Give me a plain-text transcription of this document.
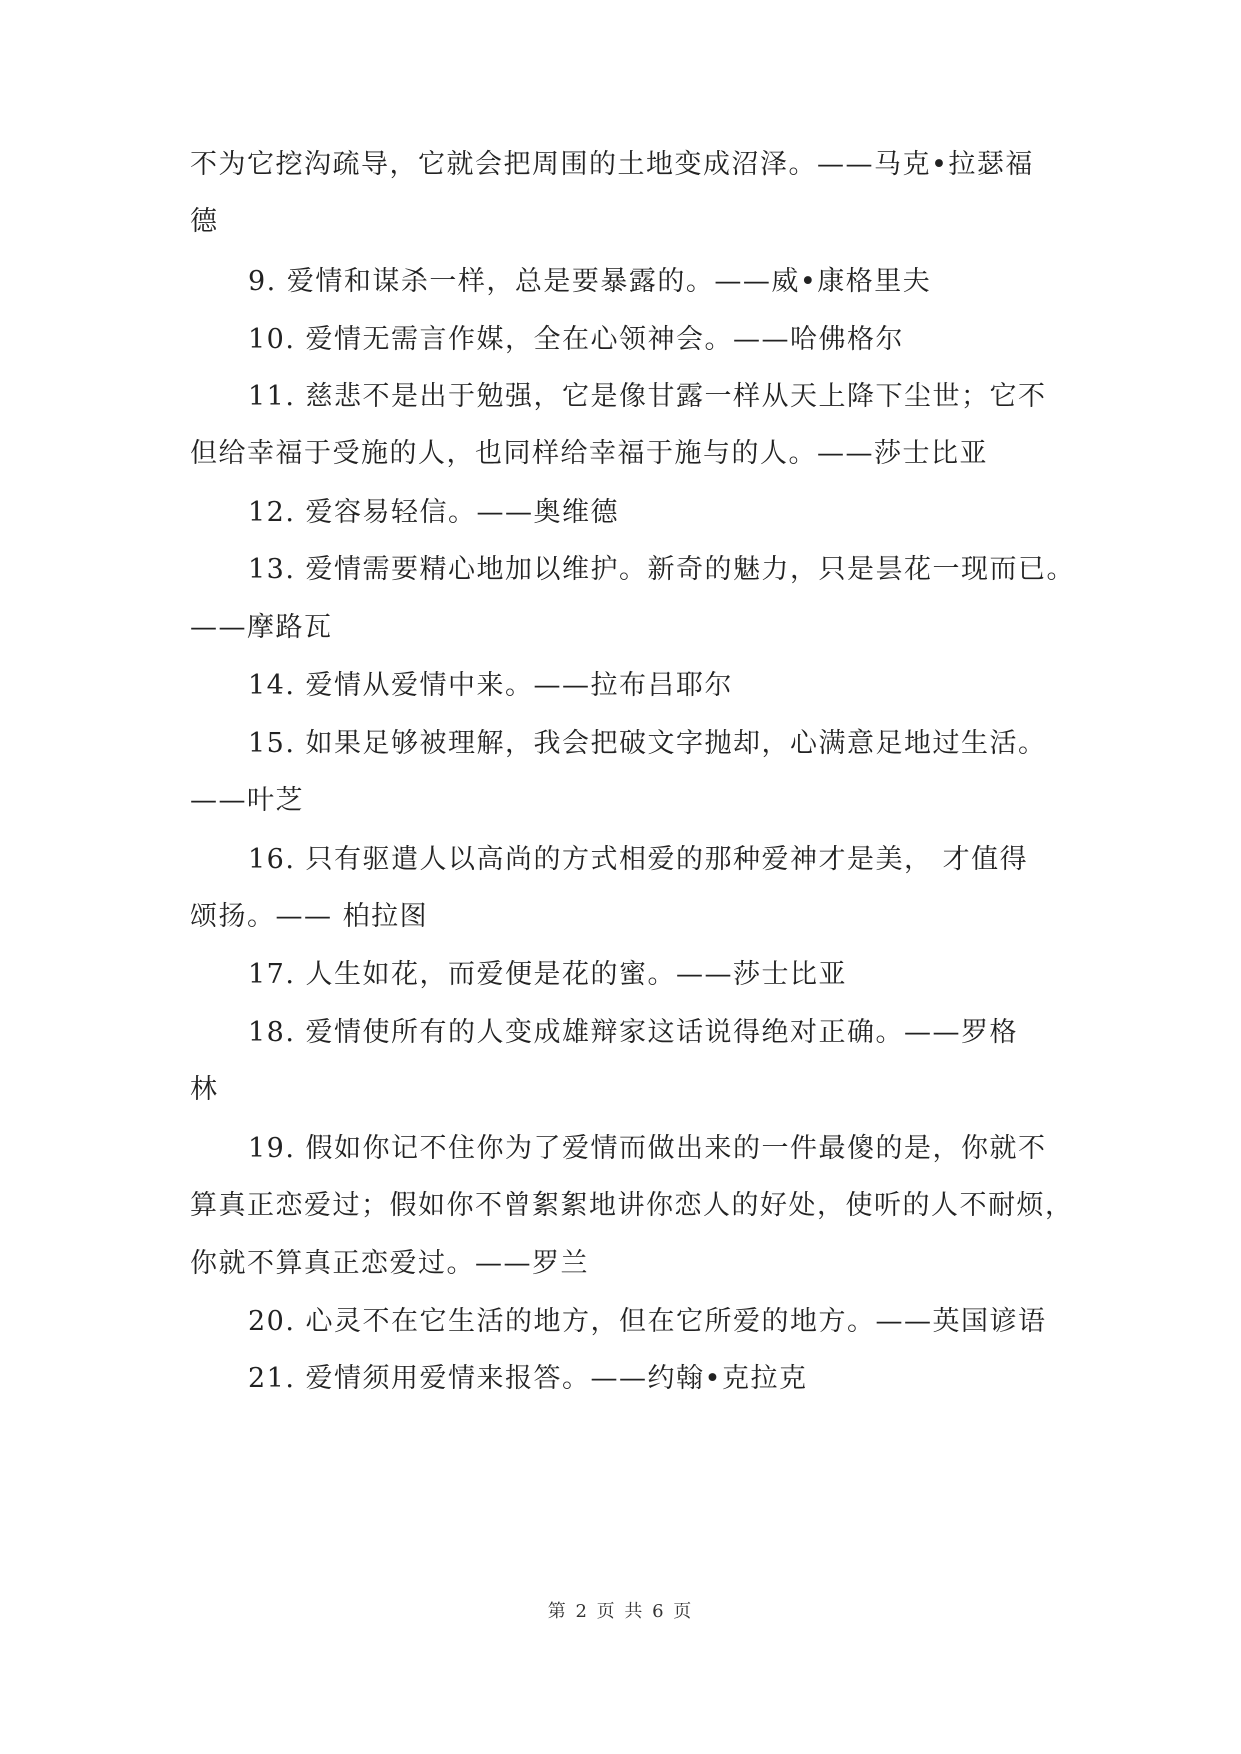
不为它挖沟疏导，它就会把周围的土地变成沼泽。——马克•拉瑟福
德
9. 爱情和谋杀一样，总是要暴露的。——威•康格里夫
10. 爱情无需言作媒，全在心领神会。——哈佛格尔
11. 慈悲不是出于勉强，它是像甘露一样从天上降下尘世；它不
但给幸福于受施的人，也同样给幸福于施与的人。——莎士比亚
12. 爱容易轻信。——奥维德
13. 爱情需要精心地加以维护。新奇的魅力，只是昙花一现而已。
——摩路瓦
14. 爱情从爱情中来。——拉布吕耶尔
15. 如果足够被理解，我会把破文字抛却，心满意足地过生活。
——叶芝
16. 只有驱遣人以高尚的方式相爱的那种爱神才是美， 才值得
颂扬。—— 柏拉图
17. 人生如花，而爱便是花的蜜。——莎士比亚
18. 爱情使所有的人变成雄辩家这话说得绝对正确。——罗格
林
19. 假如你记不住你为了爱情而做出来的一件最傻的是，你就不
算真正恋爱过；假如你不曾絮絮地讲你恋人的好处，使听的人不耐烦，
你就不算真正恋爱过。——罗兰
20. 心灵不在它生活的地方，但在它所爱的地方。——英国谚语
21. 爱情须用爱情来报答。——约翰•克拉克
第 2 页 共 6 页
